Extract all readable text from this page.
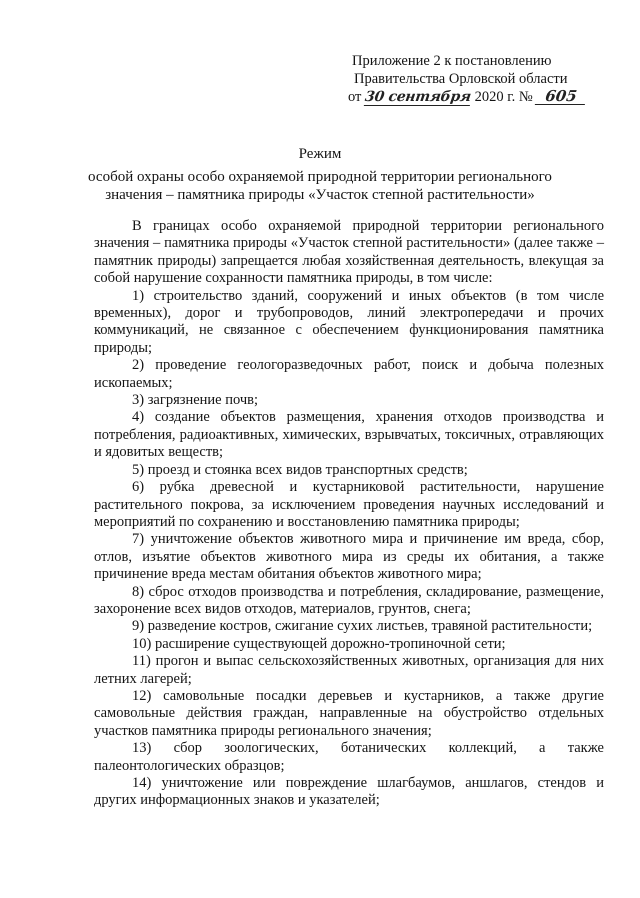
Приложение 2 к постановлению
Правительства Орловской области
от 30 сентября 2020 г. № 605
Режим
особой охраны особо охраняемой природной территории регионального
значения – памятника природы «Участок степной растительности»

В границах особо охраняемой природной территории регионального значения – памятника природы «Участок степной растительности» (далее также – памятник природы) запрещается любая хозяйственная деятельность, влекущая за собой нарушение сохранности памятника природы, в том числе:

1) строительство зданий, сооружений и иных объектов (в том числе временных), дорог и трубопроводов, линий электропередачи и прочих коммуникаций, не связанное с обеспечением функционирования памятника природы;

2) проведение геологоразведочных работ, поиск и добыча полезных ископаемых;

3) загрязнение почв;

4) создание объектов размещения, хранения отходов производства и потребления, радиоактивных, химических, взрывчатых, токсичных, отравляющих и ядовитых веществ;

5) проезд и стоянка всех видов транспортных средств;

6) рубка древесной и кустарниковой растительности, нарушение растительного покрова, за исключением проведения научных исследований и мероприятий по сохранению и восстановлению памятника природы;

7) уничтожение объектов животного мира и причинение им вреда, сбор, отлов, изъятие объектов животного мира из среды их обитания, а также причинение вреда местам обитания объектов животного мира;

8) сброс отходов производства и потребления, складирование, размещение, захоронение всех видов отходов, материалов, грунтов, снега;

9) разведение костров, сжигание сухих листьев, травяной растительности;

10) расширение существующей дорожно-тропиночной сети;

11) прогон и выпас сельскохозяйственных животных, организация для них летних лагерей;

12) самовольные посадки деревьев и кустарников, а также другие самовольные действия граждан, направленные на обустройство отдельных участков памятника природы регионального значения;

13) сбор зоологических, ботанических коллекций, а также палеонтологических образцов;

14) уничтожение или повреждение шлагбаумов, аншлагов, стендов и других информационных знаков и указателей;
